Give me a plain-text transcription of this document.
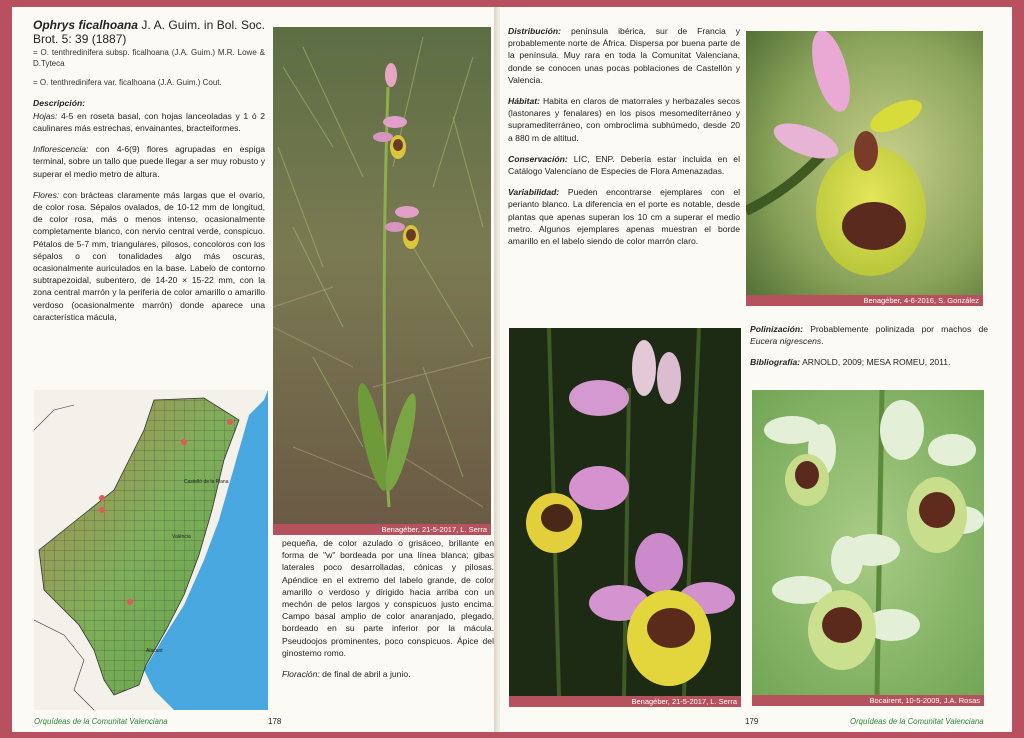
Ophrys ficalhoana J. A. Guim. in Bol. Soc. Brot. 5: 39 (1887)

= O. tenthredinifera subsp. ficalhoana (J.A. Guim.) M.R. Lowe & D.Tyteca

= O. tenthredinifera var. ficalhoana (J.A. Guim.) Cout.

Descripción:

Hojas: 4-5 en roseta basal, con hojas lanceoladas y 1 ó 2 caulinares más estrechas, envainantes, bracteiformes.

Inflorescencia: con 4-6(9) flores agrupadas en espiga terminal, sobre un tallo que puede llegar a ser muy robusto y superar el medio metro de altura.

Flores: con brácteas claramente más largas que el ovario, de color rosa. Sépalos ovalados, de 10-12 mm de longitud, de color rosa, más o menos intenso, ocasionalmente completamente blanco, con nervio central verde, conspicuo. Pétalos de 5-7 mm, triangulares, pilosos, concoloros con los sépalos o con tonalidades algo más oscuras, ocasionalmente auriculados en la base. Labelo de contorno subtrapezoidal, subentero, de 14-20 × 15-22 mm, con la zona central marrón y la periferia de color amarillo o amarillo verdoso (ocasionalmente marrón) donde aparece una característica mácula,

Benagéber, 21-5-2017, L. Serra
Castelló de la Plana
València
Alacant

pequeña, de color azulado o grisáceo, brillante en forma de "w" bordeada por una línea blanca; gibas laterales poco desarrolladas, cónicas y pilosas. Apéndice en el extremo del labelo grande, de color amarillo o verdoso y dirigido hacia arriba con un mechón de pelos largos y conspicuos justo encima. Campo basal amplio de color anaranjado, plegado, bordeado en su parte inferior por la mácula. Pseudoojos prominentes, poco conspicuos. Ápice del ginostemo romo.

Floración: de final de abril a junio.

Orquídeas de la Comunitat Valenciana	178

Distribución: península ibérica, sur de Francia y probablemente norte de África. Dispersa por buena parte de la península. Muy rara en toda la Comunitat Valenciana, donde se conocen unas pocas poblaciones de Castellón y Valencia.

Hábitat: Habita en claros de matorrales y herbazales secos (lastonares y fenalares) en los pisos mesomediterráneo y supramediterráneo, con ombroclima subhúmedo, desde 20 a 880 m de altitud.

Conservación: LIC, ENP. Debería estar incluida en el Catálogo Valenciano de Especies de Flora Amenazadas.

Variabilidad: Pueden encontrarse ejemplares con el perianto blanco. La diferencia en el porte es notable, desde plantas que apenas superan los 10 cm a superar el medio metro. Algunos ejemplares apenas muestran el borde amarillo en el labelo siendo de color marrón claro.

Benagéber, 4-6-2016, S. González

Polinización: Probablemente polinizada por machos de Eucera nigrescens.

Bibliografía: ARNOLD, 2009; MESA ROMEU, 2011.

Benagéber, 21-5-2017, L. Serra	Bocairent, 10-5-2009, J.A. Rosas
179	Orquídeas de la Comunitat Valenciana
